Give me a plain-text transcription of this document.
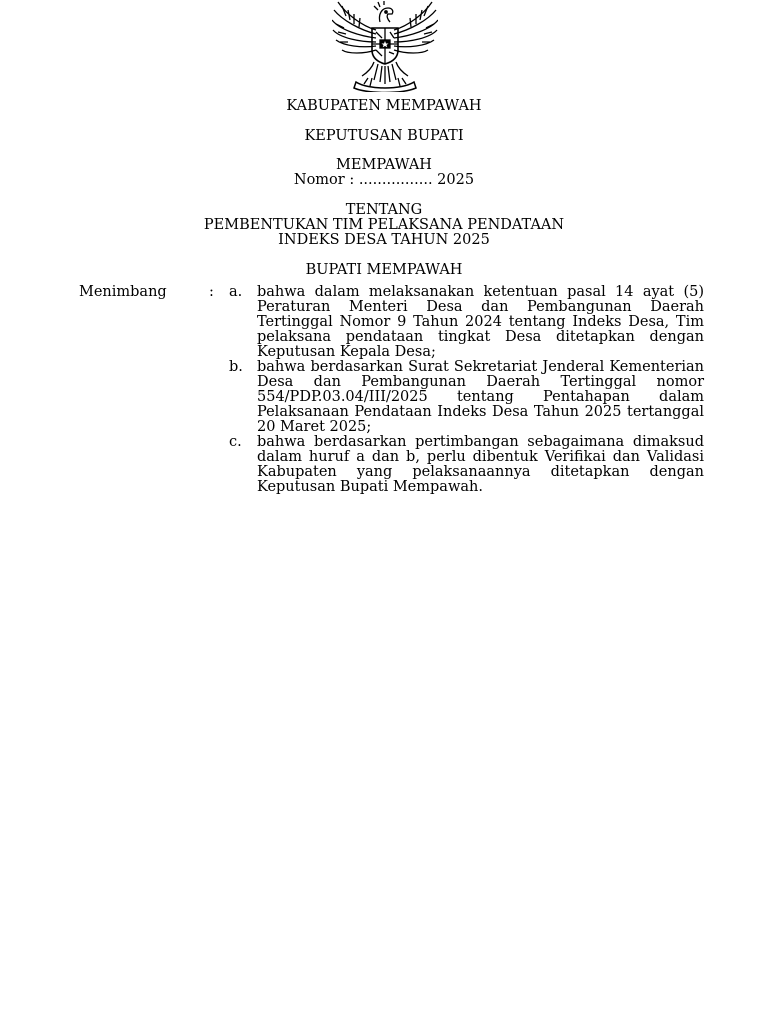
KABUPATEN MEMPAWAH
KEPUTUSAN BUPATI
MEMPAWAH
Nomor : ................ 2025
TENTANG
PEMBENTUKAN TIM PELAKSANA PENDATAAN
INDEKS DESA TAHUN 2025
BUPATI MEMPAWAH
Menimbang	: a. bahwa dalam melaksanakan ketentuan pasal 14 ayat (5) Peraturan Menteri Desa dan Pembangunan Daerah Tertinggal Nomor 9 Tahun 2024 tentang Indeks Desa, Tim pelaksana pendataan tingkat Desa ditetapkan dengan Keputusan Kepala Desa;
b. bahwa berdasarkan Surat Sekretariat Jenderal Kementerian Desa dan Pembangunan Daerah Tertinggal nomor 554/PDP.03.04/III/2025 tentang Pentahapan dalam Pelaksanaan Pendataan Indeks Desa Tahun 2025 tertanggal 20 Maret 2025;
c. bahwa berdasarkan pertimbangan sebagaimana dimaksud dalam huruf a dan b, perlu dibentuk Verifikai dan Validasi Kabupaten yang pelaksanaannya ditetapkan dengan Keputusan Bupati Mempawah.
